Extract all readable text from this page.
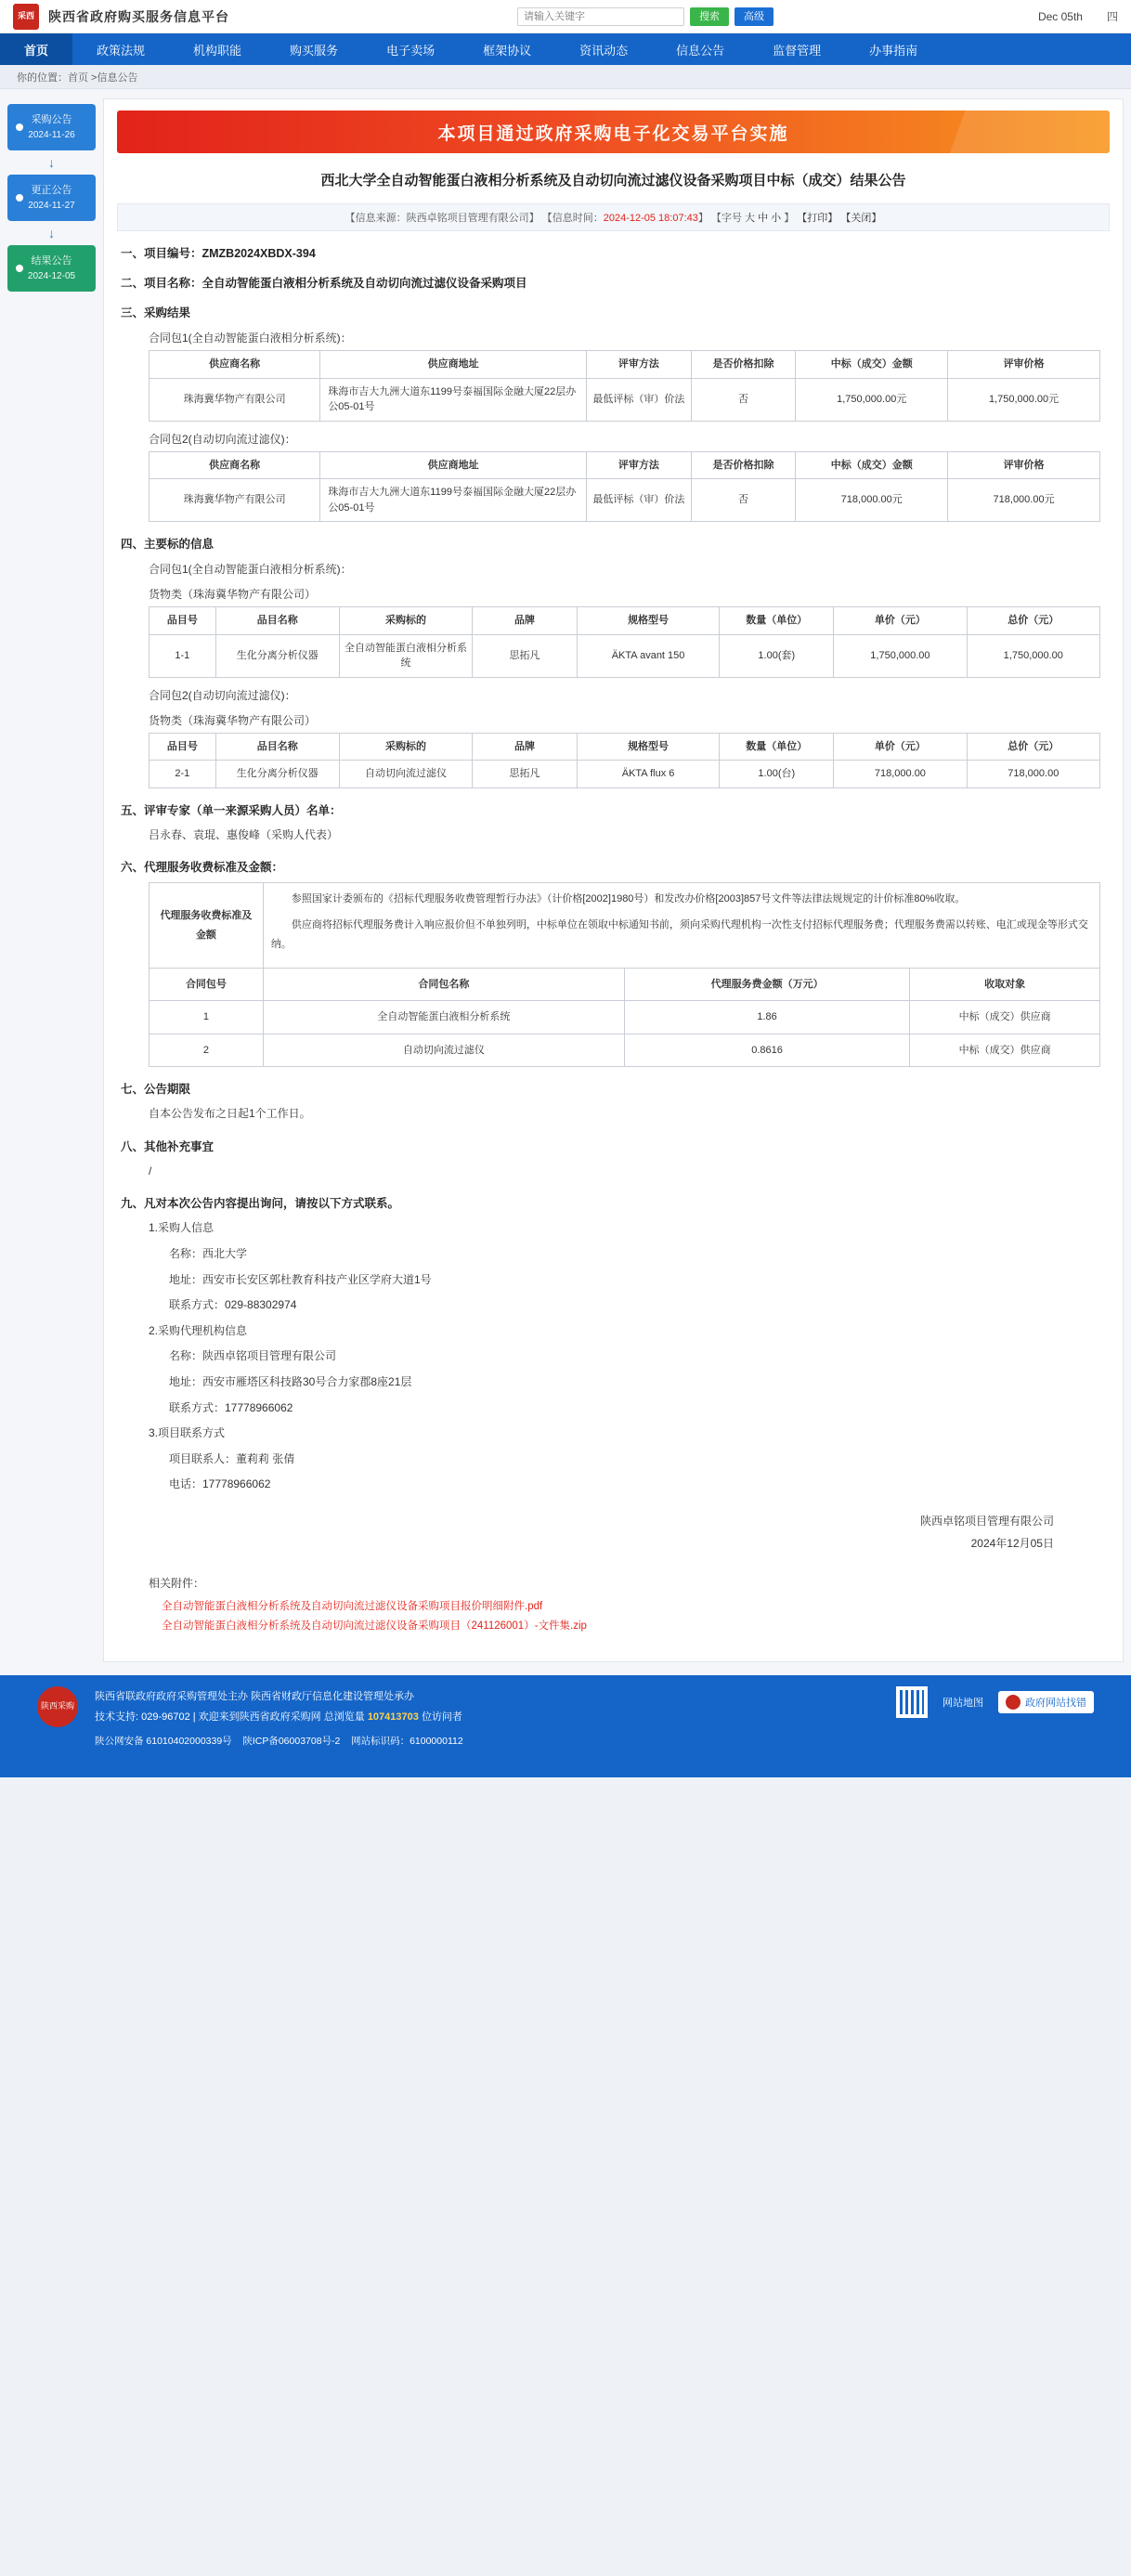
采西 陕西省政府购买服务信息平台
请输入关键字	搜索	高级	Dec 05th 四
首页	政策法规	机构职能	购买服务	电子卖场	框架协议	资讯动态	信息公告	监督管理	办事指南
你的位置：首页 >信息公告
采购公告
2024-11-26
↓
更正公告
2024-11-27
↓
结果公告
2024-12-05
本项目通过政府采购电子化交易平台实施
西北大学全自动智能蛋白液相分析系统及自动切向流过滤仪设备采购项目中标（成交）结果公告
【信息来源：陕西卓铭项目管理有限公司】 【信息时间：2024-12-05 18:07:43】 【字号 大 中 小 】 【打印】 【关闭】
一、项目编号：ZMZB2024XBDX-394
二、项目名称：全自动智能蛋白液相分析系统及自动切向流过滤仪设备采购项目
三、采购结果
合同包1(全自动智能蛋白液相分析系统)：
供应商名称	供应商地址	评审方法	是否价格扣除	中标（成交）金额	评审价格
珠海冀华物产有限公司	珠海市吉大九洲大道东1199号泰福国际金融大厦22层办公05-01号	最低评标（审）价法	否	1,750,000.00元	1,750,000.00元
合同包2(自动切向流过滤仪)：
供应商名称	供应商地址	评审方法	是否价格扣除	中标（成交）金额	评审价格
珠海冀华物产有限公司	珠海市吉大九洲大道东1199号泰福国际金融大厦22层办公05-01号	最低评标（审）价法	否	718,000.00元	718,000.00元
四、主要标的信息
合同包1(全自动智能蛋白液相分析系统)：
货物类（珠海冀华物产有限公司）
品目号	品目名称	采购标的	品牌	规格型号	数量（单位）	单价（元）	总价（元）
1-1	生化分离分析仪器	全自动智能蛋白液相分析系统	思拓凡	ÄKTA avant 150	1.00(套)	1,750,000.00	1,750,000.00
合同包2(自动切向流过滤仪)：
货物类（珠海冀华物产有限公司）
品目号	品目名称	采购标的	品牌	规格型号	数量（单位）	单价（元）	总价（元）
2-1	生化分离分析仪器	自动切向流过滤仪	思拓凡	ÄKTA flux 6	1.00(台)	718,000.00	718,000.00
五、评审专家（单一来源采购人员）名单：
吕永春、袁琨、惠俊峰（采购人代表）
六、代理服务收费标准及金额：
代理服务收费标准及金额	参照国家计委颁布的《招标代理服务收费管理暂行办法》（计价格[2002]1980号）和发改办价格[2003]857号文件等法律法规规定的计价标准80%收取。

供应商将招标代理服务费计入响应报价但不单独列明，中标单位在领取中标通知书前，须向采购代理机构一次性支付招标代理服务费；代理服务费需以转账、电汇或现金等形式交纳。		

合同包号	合同包名称	代理服务费金额（万元）	收取对象
1	全自动智能蛋白液相分析系统	1.86	中标（成交）供应商
2	自动切向流过滤仪	0.8616	中标（成交）供应商
七、公告期限
自本公告发布之日起1个工作日。
八、其他补充事宜
/
九、凡对本次公告内容提出询问，请按以下方式联系。
1.采购人信息
名称：西北大学
地址：西安市长安区郭杜教育科技产业区学府大道1号
联系方式：029-88302974
2.采购代理机构信息
名称：陕西卓铭项目管理有限公司
地址：西安市雁塔区科技路30号合力家郡8座21层
联系方式：17778966062
3.项目联系方式
项目联系人：董莉莉 张倩
电话：17778966062
陕西卓铭项目管理有限公司
2024年12月05日
相关附件：
全自动智能蛋白液相分析系统及自动切向流过滤仪设备采购项目报价明细附件.pdf
全自动智能蛋白液相分析系统及自动切向流过滤仪设备采购项目（241126001）-文件集.zip
陕西采购
陕西省联政府政府采购管理处主办 陕西省财政厅信息化建设管理处承办
技术支持: 029-96702 | 欢迎来到陕西省政府采购网 总浏览量 107413703 位访问者
网站地图	政府网站找错
陕公网安备 61010402000339号 陕ICP备06003708号-2 网站标识码：6100000112
